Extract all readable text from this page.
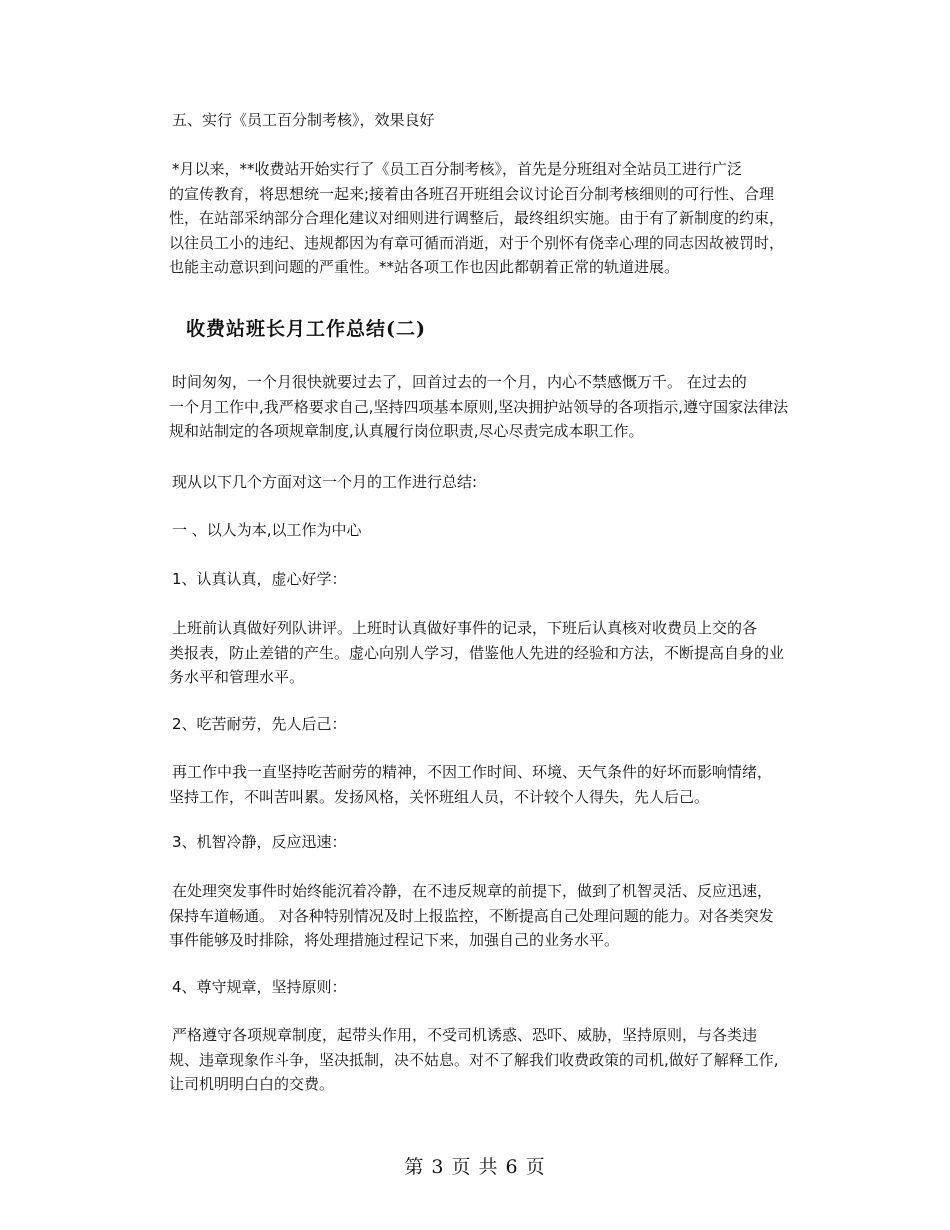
五、实行《员工百分制考核》，效果良好

*月以来，**收费站开始实行了《员工百分制考核》，首先是分班组对全站员工进行广泛
的宣传教育，将思想统一起来;接着由各班召开班组会议讨论百分制考核细则的可行性、合理
性，在站部采纳部分合理化建议对细则进行调整后，最终组织实施。由于有了新制度的约束，
以往员工小的违纪、违规都因为有章可循而消逝，对于个别怀有侥幸心理的同志因故被罚时，
也能主动意识到问题的严重性。**站各项工作也因此都朝着正常的轨道进展。

收费站班长月工作总结(二)

时间匆匆，一个月很快就要过去了，回首过去的一个月，内心不禁感慨万千。 在过去的
一个月工作中,我严格要求自己,坚持四项基本原则,坚决拥护站领导的各项指示,遵守国家法律法
规和站制定的各项规章制度,认真履行岗位职责,尽心尽责完成本职工作。

现从以下几个方面对这一个月的工作进行总结:

一 、以人为本,以工作为中心

1、认真认真，虚心好学：

上班前认真做好列队讲评。上班时认真做好事件的记录，下班后认真核对收费员上交的各
类报表，防止差错的产生。虚心向别人学习，借鉴他人先进的经验和方法，不断提高自身的业
务水平和管理水平。

2、吃苦耐劳，先人后己：

再工作中我一直坚持吃苦耐劳的精神，不因工作时间、环境、天气条件的好坏而影响情绪，
坚持工作，不叫苦叫累。发扬风格，关怀班组人员，不计较个人得失，先人后己。

3、机智冷静，反应迅速：

在处理突发事件时始终能沉着冷静，在不违反规章的前提下，做到了机智灵活、反应迅速，
保持车道畅通。 对各种特别情况及时上报监控，不断提高自己处理问题的能力。对各类突发
事件能够及时排除，将处理措施过程记下来，加强自己的业务水平。

4、尊守规章，坚持原则：

严格遵守各项规章制度，起带头作用，不受司机诱惑、恐吓、威胁，坚持原则，与各类违
规、违章现象作斗争，坚决抵制，决不姑息。对不了解我们收费政策的司机,做好了解释工作,
让司机明明白白的交费。

第 3 页 共 6 页
